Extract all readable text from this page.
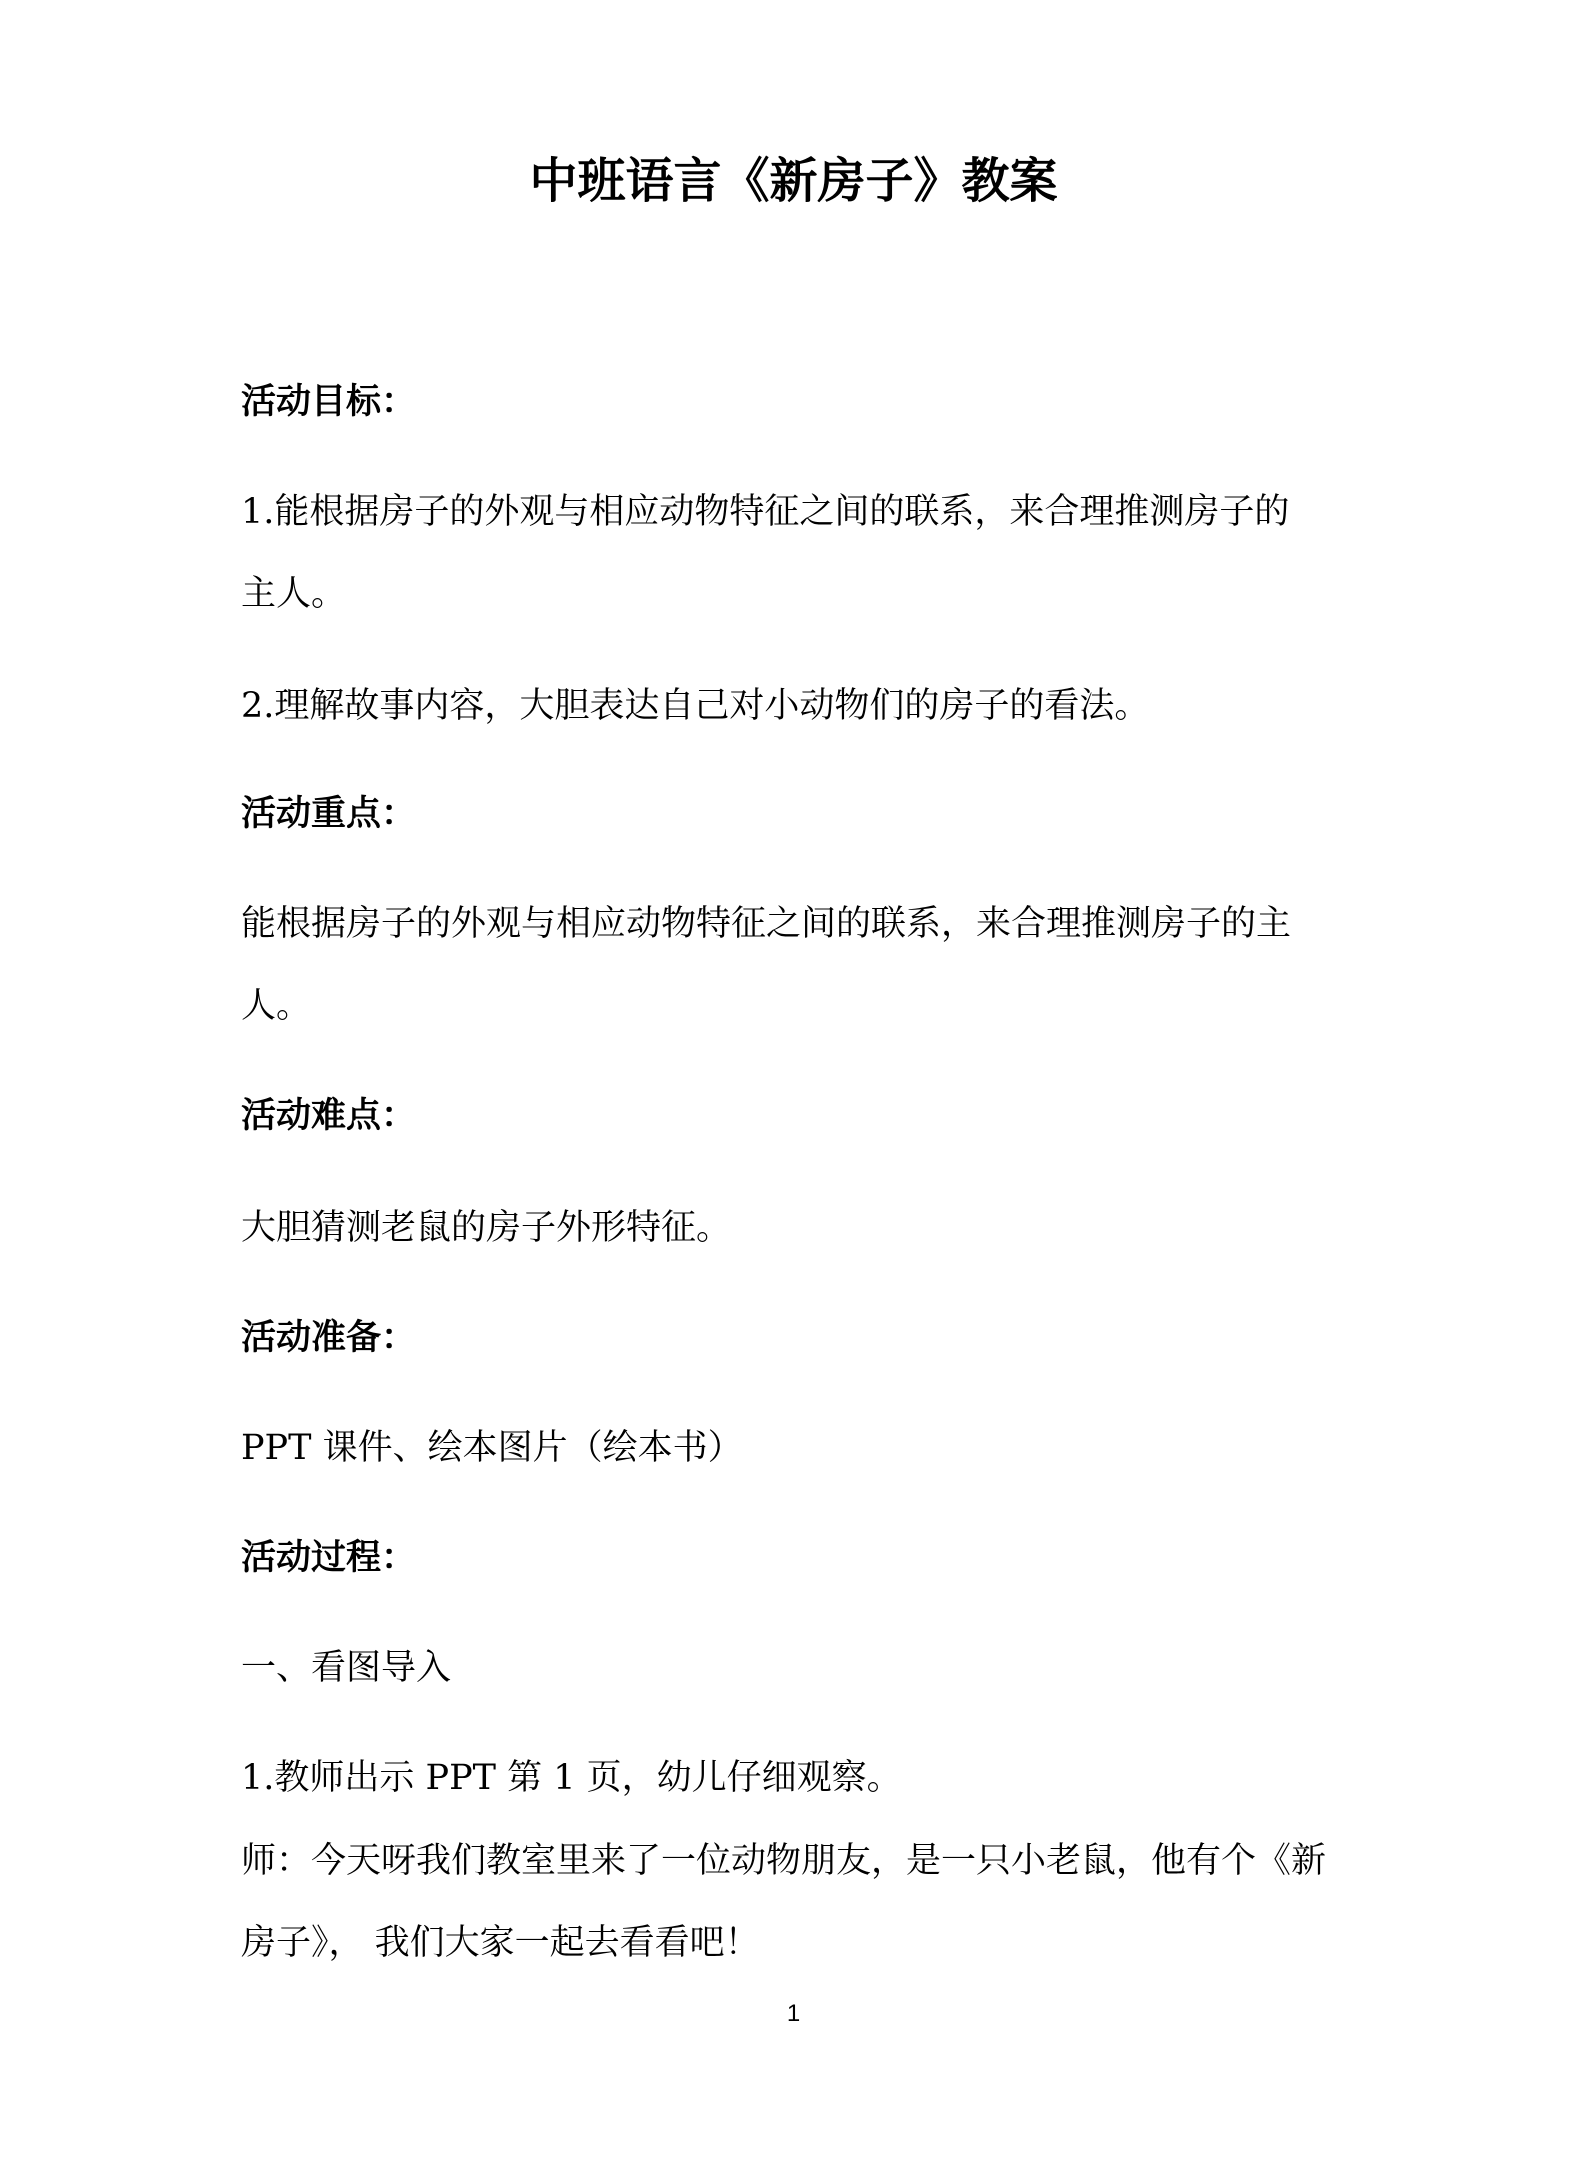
中班语言《新房子》教案
活动目标：
1.能根据房子的外观与相应动物特征之间的联系，来合理推测房子的
主人。
2.理解故事内容，大胆表达自己对小动物们的房子的看法。
活动重点：
能根据房子的外观与相应动物特征之间的联系，来合理推测房子的主
人。
活动难点：
大胆猜测老鼠的房子外形特征。
活动准备：
PPT 课件、绘本图片（绘本书）
活动过程：
一、看图导入
1.教师出示 PPT 第 1 页，幼儿仔细观察。
师：今天呀我们教室里来了一位动物朋友，是一只小老鼠，他有个《新
房子》， 我们大家一起去看看吧！
1
